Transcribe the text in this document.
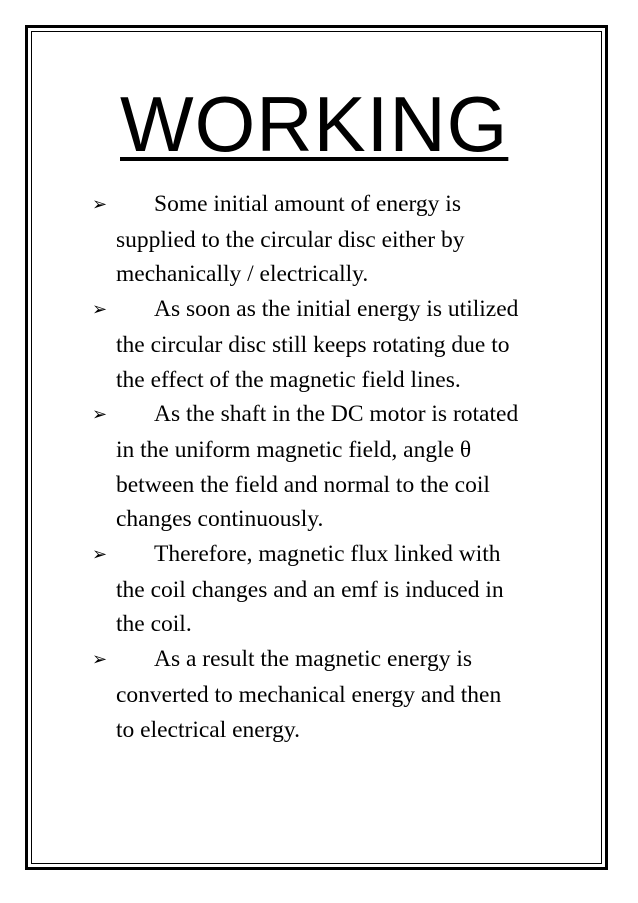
WORKING
➢ Some initial amount of energy is
supplied to the circular disc either by
mechanically / electrically.
➢ As soon as the initial energy is utilized
the circular disc still keeps rotating due to
the effect of the magnetic field lines.
➢ As the shaft in the DC motor is rotated
in the uniform magnetic field, angle θ
between the field and normal to the coil
changes continuously.
➢ Therefore, magnetic flux linked with
the coil changes and an emf is induced in
the coil.
➢ As a result the magnetic energy is
converted to mechanical energy and then
to electrical energy.
